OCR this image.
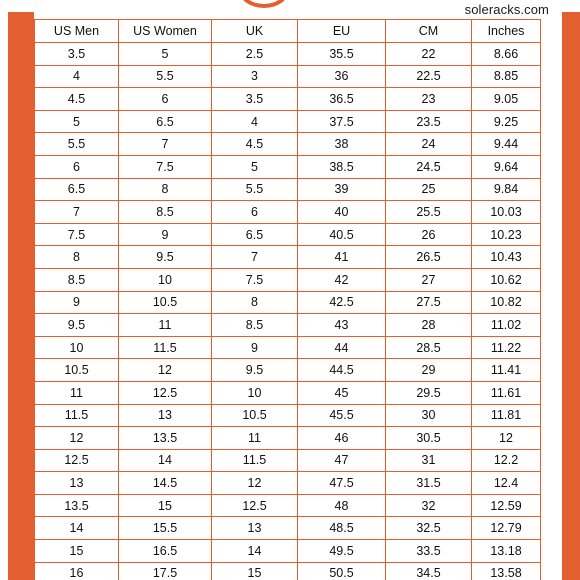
soleracks.com
US Men	US Women	UK	EU	CM	Inches
3.5	5	2.5	35.5	22	8.66
4	5.5	3	36	22.5	8.85
4.5	6	3.5	36.5	23	9.05
5	6.5	4	37.5	23.5	9.25
5.5	7	4.5	38	24	9.44
6	7.5	5	38.5	24.5	9.64
6.5	8	5.5	39	25	9.84
7	8.5	6	40	25.5	10.03
7.5	9	6.5	40.5	26	10.23
8	9.5	7	41	26.5	10.43
8.5	10	7.5	42	27	10.62
9	10.5	8	42.5	27.5	10.82
9.5	11	8.5	43	28	11.02
10	11.5	9	44	28.5	11.22
10.5	12	9.5	44.5	29	11.41
11	12.5	10	45	29.5	11.61
11.5	13	10.5	45.5	30	11.81
12	13.5	11	46	30.5	12
12.5	14	11.5	47	31	12.2
13	14.5	12	47.5	31.5	12.4
13.5	15	12.5	48	32	12.59
14	15.5	13	48.5	32.5	12.79
15	16.5	14	49.5	33.5	13.18
16	17.5	15	50.5	34.5	13.58
